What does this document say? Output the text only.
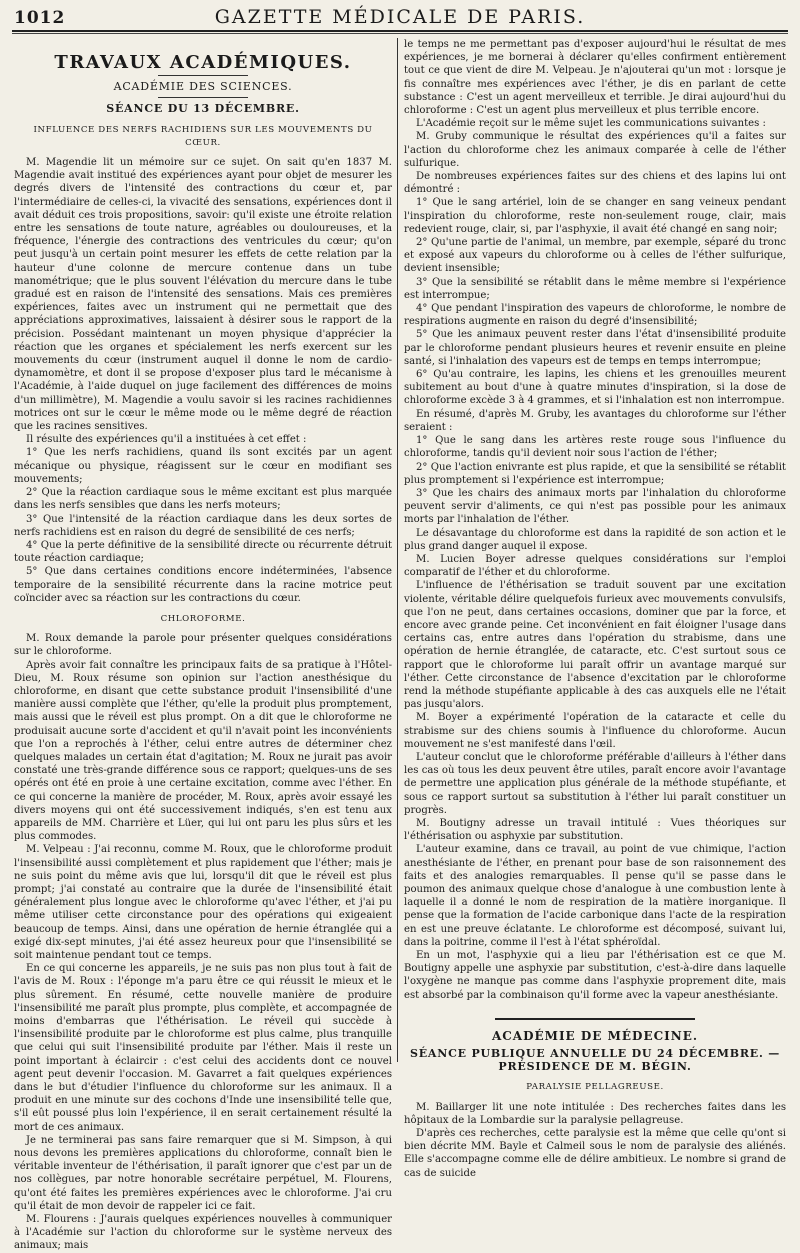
1012	GAZETTE MÉDICALE DE PARIS.
TRAVAUX ACADÉMIQUES.
ACADÉMIE DES SCIENCES.
SÉANCE DU 13 DÉCEMBRE.
INFLUENCE DES NERFS RACHIDIENS SUR LES MOUVEMENTS DU CŒUR.

M. Magendie lit un mémoire sur ce sujet. On sait qu'en 1837 M. Magendie avait institué des expériences ayant pour objet de mesurer les degrés divers de l'intensité des contractions du cœur et, par l'intermédiaire de celles-ci, la vivacité des sensations, expériences dont il avait déduit ces trois propositions, savoir: qu'il existe une étroite relation entre les sensations de toute nature, agréables ou douloureuses, et la fréquence, l'énergie des contractions des ventricules du cœur; qu'on peut jusqu'à un certain point mesurer les effets de cette relation par la hauteur d'une colonne de mercure contenue dans un tube manométrique; que le plus souvent l'élévation du mercure dans le tube gradué est en raison de l'intensité des sensations. Mais ces premières expériences, faites avec un instrument qui ne permettait que des appréciations approximatives, laissaient à désirer sous le rapport de la précision. Possédant maintenant un moyen physique d'apprécier la réaction que les organes et spécialement les nerfs exercent sur les mouvements du cœur (instrument auquel il donne le nom de cardio-dynamomètre, et dont il se propose d'exposer plus tard le mécanisme à l'Académie, à l'aide duquel on juge facilement des différences de moins d'un millimètre), M. Magendie a voulu savoir si les racines rachidiennes motrices ont sur le cœur le même mode ou le même degré de réaction que les racines sensitives.

Il résulte des expériences qu'il a instituées à cet effet :

1° Que les nerfs rachidiens, quand ils sont excités par un agent mécanique ou physique, réagissent sur le cœur en modifiant ses mouvements;

2° Que la réaction cardiaque sous le même excitant est plus marquée dans les nerfs sensibles que dans les nerfs moteurs;

3° Que l'intensité de la réaction cardiaque dans les deux sortes de nerfs rachidiens est en raison du degré de sensibilité de ces nerfs;

4° Que la perte définitive de la sensibilité directe ou récurrente détruit toute réaction cardiaque;

5° Que dans certaines conditions encore indéterminées, l'absence temporaire de la sensibilité récurrente dans la racine motrice peut coïncider avec sa réaction sur les contractions du cœur.

CHLOROFORME.

M. Roux demande la parole pour présenter quelques considérations sur le chloroforme.

Après avoir fait connaître les principaux faits de sa pratique à l'Hôtel-Dieu, M. Roux résume son opinion sur l'action anesthésique du chloroforme, en disant que cette substance produit l'insensibilité d'une manière aussi complète que l'éther, qu'elle la produit plus promptement, mais aussi que le réveil est plus prompt. On a dit que le chloroforme ne produisait aucune sorte d'accident et qu'il n'avait point les inconvénients que l'on a reprochés à l'éther, celui entre autres de déterminer chez quelques malades un certain état d'agitation; M. Roux ne jurait pas avoir constaté une très-grande différence sous ce rapport; quelques-uns de ses opérés ont été en proie à une certaine excitation, comme avec l'éther. En ce qui concerne la manière de procéder, M. Roux, après avoir essayé les divers moyens qui ont été successivement indiqués, s'en est tenu aux appareils de MM. Charrière et Lüer, qui lui ont paru les plus sûrs et les plus commodes.

M. Velpeau : J'ai reconnu, comme M. Roux, que le chloroforme produit l'insensibilité aussi complètement et plus rapidement que l'éther; mais je ne suis point du même avis que lui, lorsqu'il dit que le réveil est plus prompt; j'ai constaté au contraire que la durée de l'insensibilité était généralement plus longue avec le chloroforme qu'avec l'éther, et j'ai pu même utiliser cette circonstance pour des opérations qui exigeaient beaucoup de temps. Ainsi, dans une opération de hernie étranglée qui a exigé dix-sept minutes, j'ai été assez heureux pour que l'insensibilité se soit maintenue pendant tout ce temps.

En ce qui concerne les appareils, je ne suis pas non plus tout à fait de l'avis de M. Roux : l'éponge m'a paru être ce qui réussit le mieux et le plus sûrement. En résumé, cette nouvelle manière de produire l'insensibilité me paraît plus prompte, plus complète, et accompagnée de moins d'embarras que l'éthérisation. Le réveil qui succède à l'insensibilité produite par le chloroforme est plus calme, plus tranquille que celui qui suit l'insensibilité produite par l'éther. Mais il reste un point important à éclaircir : c'est celui des accidents dont ce nouvel agent peut devenir l'occasion. M. Gavarret a fait quelques expériences dans le but d'étudier l'influence du chloroforme sur les animaux. Il a produit en une minute sur des cochons d'Inde une insensibilité telle que, s'il eût poussé plus loin l'expérience, il en serait certainement résulté la mort de ces animaux.

Je ne terminerai pas sans faire remarquer que si M. Simpson, à qui nous devons les premières applications du chloroforme, connaît bien le véritable inventeur de l'éthérisation, il paraît ignorer que c'est par un de nos collègues, par notre honorable secrétaire perpétuel, M. Flourens, qu'ont été faites les premières expériences avec le chloroforme. J'ai cru qu'il était de mon devoir de rappeler ici ce fait.

M. Flourens : J'aurais quelques expériences nouvelles à communiquer à l'Académie sur l'action du chloroforme sur le système nerveux des animaux; mais

le temps ne me permettant pas d'exposer aujourd'hui le résultat de mes expériences, je me bornerai à déclarer qu'elles confirment entièrement tout ce que vient de dire M. Velpeau. Je n'ajouterai qu'un mot : lorsque je fis connaître mes expériences avec l'éther, je dis en parlant de cette substance : C'est un agent merveilleux et terrible. Je dirai aujourd'hui du chloroforme : C'est un agent plus merveilleux et plus terrible encore.

L'Académie reçoit sur le même sujet les communications suivantes :

M. Gruby communique le résultat des expériences qu'il a faites sur l'action du chloroforme chez les animaux comparée à celle de l'éther sulfurique.

De nombreuses expériences faites sur des chiens et des lapins lui ont démontré :

1° Que le sang artériel, loin de se changer en sang veineux pendant l'inspiration du chloroforme, reste non-seulement rouge, clair, mais redevient rouge, clair, si, par l'asphyxie, il avait été changé en sang noir;

2° Qu'une partie de l'animal, un membre, par exemple, séparé du tronc et exposé aux vapeurs du chloroforme ou à celles de l'éther sulfurique, devient insensible;

3° Que la sensibilité se rétablit dans le même membre si l'expérience est interrompue;

4° Que pendant l'inspiration des vapeurs de chloroforme, le nombre de respirations augmente en raison du degré d'insensibilité;

5° Que les animaux peuvent rester dans l'état d'insensibilité produite par le chloroforme pendant plusieurs heures et revenir ensuite en pleine santé, si l'inhalation des vapeurs est de temps en temps interrompue;

6° Qu'au contraire, les lapins, les chiens et les grenouilles meurent subitement au bout d'une à quatre minutes d'inspiration, si la dose de chloroforme excède 3 à 4 grammes, et si l'inhalation est non interrompue.

En résumé, d'après M. Gruby, les avantages du chloroforme sur l'éther seraient :

1° Que le sang dans les artères reste rouge sous l'influence du chloroforme, tandis qu'il devient noir sous l'action de l'éther;

2° Que l'action enivrante est plus rapide, et que la sensibilité se rétablit plus promptement si l'expérience est interrompue;

3° Que les chairs des animaux morts par l'inhalation du chloroforme peuvent servir d'aliments, ce qui n'est pas possible pour les animaux morts par l'inhalation de l'éther.

Le désavantage du chloroforme est dans la rapidité de son action et le plus grand danger auquel il expose.

M. Lucien Boyer adresse quelques considérations sur l'emploi comparatif de l'éther et du chloroforme.

L'influence de l'éthérisation se traduit souvent par une excitation violente, véritable délire quelquefois furieux avec mouvements convulsifs, que l'on ne peut, dans certaines occasions, dominer que par la force, et encore avec grande peine. Cet inconvénient en fait éloigner l'usage dans certains cas, entre autres dans l'opération du strabisme, dans une opération de hernie étranglée, de cataracte, etc. C'est surtout sous ce rapport que le chloroforme lui paraît offrir un avantage marqué sur l'éther. Cette circonstance de l'absence d'excitation par le chloroforme rend la méthode stupéfiante applicable à des cas auxquels elle ne l'était pas jusqu'alors.

M. Boyer a expérimenté l'opération de la cataracte et celle du strabisme sur des chiens soumis à l'influence du chloroforme. Aucun mouvement ne s'est manifesté dans l'œil.

L'auteur conclut que le chloroforme préférable d'ailleurs à l'éther dans les cas où tous les deux peuvent être utiles, paraît encore avoir l'avantage de permettre une application plus générale de la méthode stupéfiante, et sous ce rapport surtout sa substitution à l'éther lui paraît constituer un progrès.

M. Boutigny adresse un travail intitulé : Vues théoriques sur l'éthérisation ou asphyxie par substitution.

L'auteur examine, dans ce travail, au point de vue chimique, l'action anesthésiante de l'éther, en prenant pour base de son raisonnement des faits et des analogies remarquables. Il pense qu'il se passe dans le poumon des animaux quelque chose d'analogue à une combustion lente à laquelle il a donné le nom de respiration de la matière inorganique. Il pense que la formation de l'acide carbonique dans l'acte de la respiration en est une preuve éclatante. Le chloroforme est décomposé, suivant lui, dans la poitrine, comme il l'est à l'état sphéroïdal.

En un mot, l'asphyxie qui a lieu par l'éthérisation est ce que M. Boutigny appelle une asphyxie par substitution, c'est-à-dire dans laquelle l'oxygène ne manque pas comme dans l'asphyxie proprement dite, mais est absorbé par la combinaison qu'il forme avec la vapeur anesthésiante.

ACADÉMIE DE MÉDECINE.
SÉANCE PUBLIQUE ANNUELLE DU 24 DÉCEMBRE. — PRÉSIDENCE DE M. BÉGIN.
PARALYSIE PELLAGREUSE.

M. Baillarger lit une note intitulée : Des recherches faites dans les hôpitaux de la Lombardie sur la paralysie pellagreuse.

D'après ces recherches, cette paralysie est la même que celle qu'ont si bien décrite MM. Bayle et Calmeil sous le nom de paralysie des aliénés. Elle s'accompagne comme elle de délire ambitieux. Le nombre si grand de cas de suicide
